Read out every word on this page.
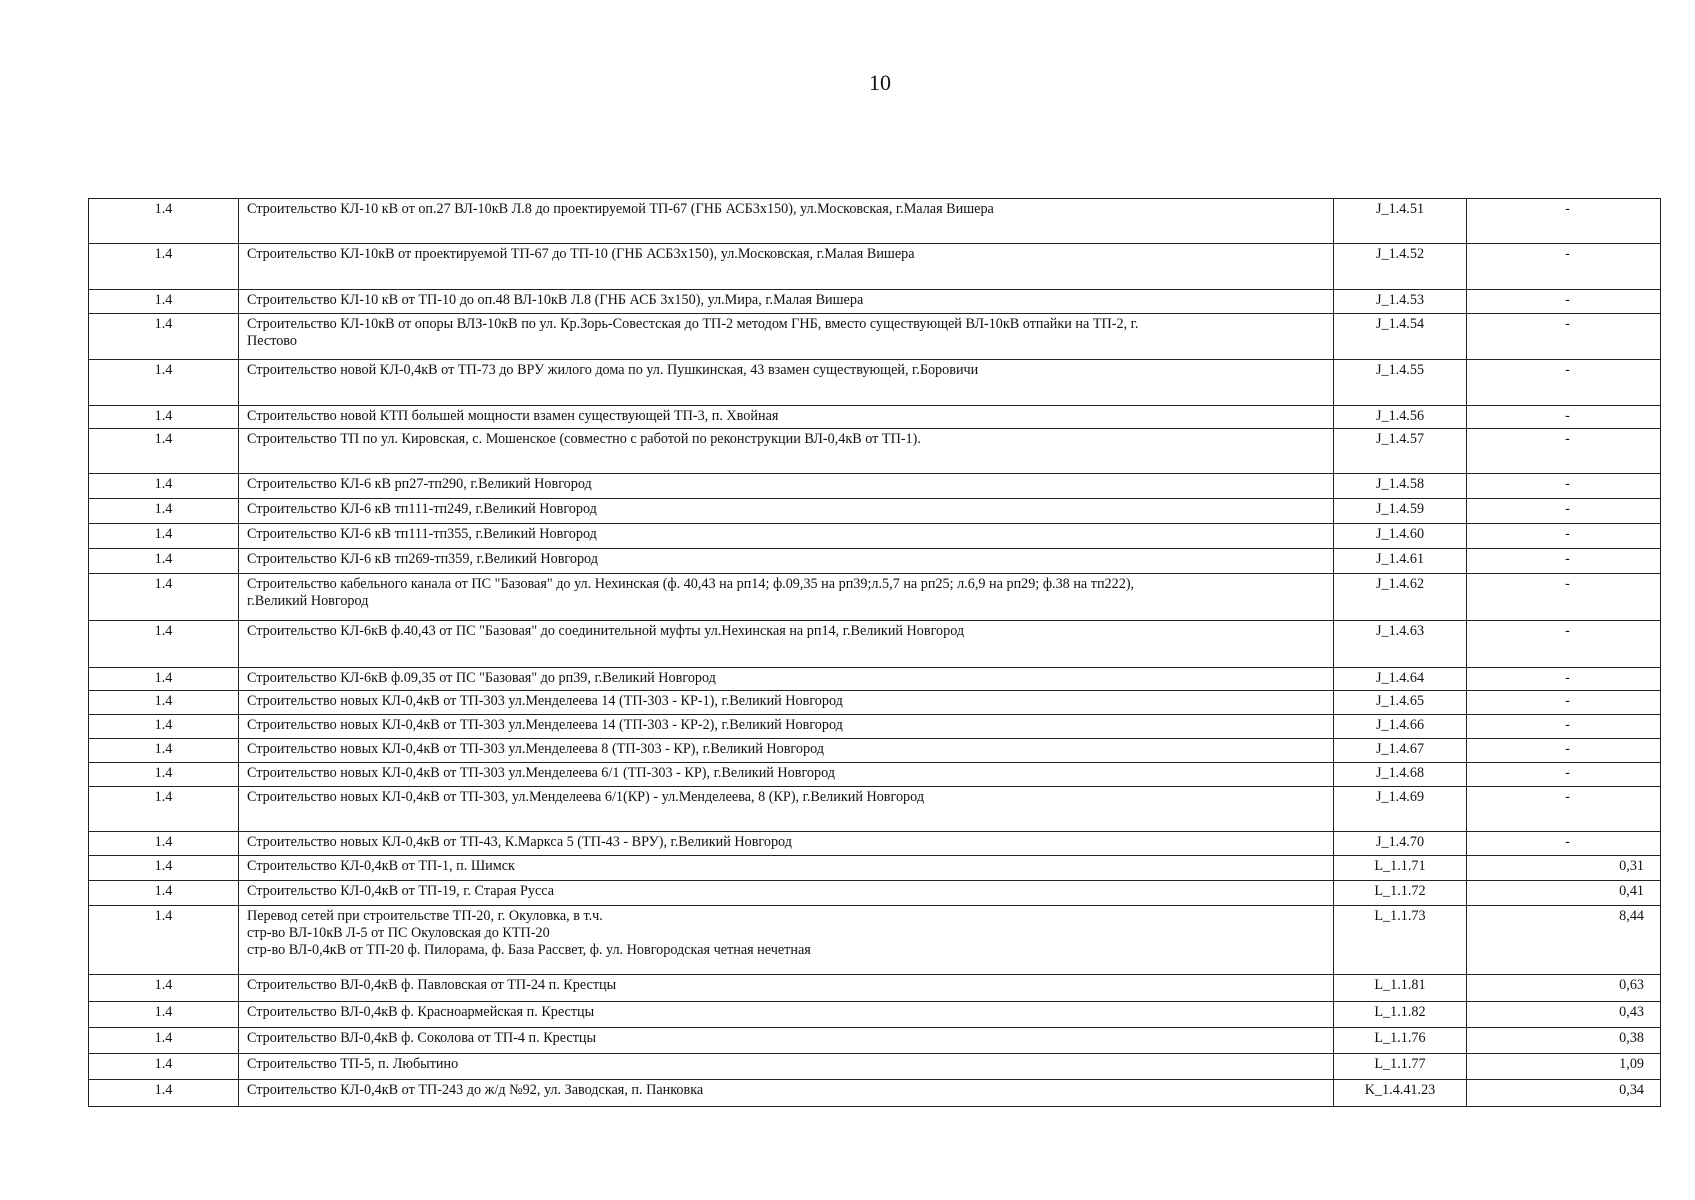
10
1.4	Строительство КЛ-10 кВ от оп.27 ВЛ-10кВ Л.8 до проектируемой ТП-67 (ГНБ АСБ3х150), ул.Московская, г.Малая Вишера	J_1.4.51	-
1.4	Строительство КЛ-10кВ от проектируемой ТП-67 до ТП-10 (ГНБ АСБ3х150), ул.Московская, г.Малая Вишера	J_1.4.52	-
1.4	Строительство КЛ-10 кВ от ТП-10 до оп.48 ВЛ-10кВ Л.8 (ГНБ АСБ 3х150), ул.Мира, г.Малая Вишера	J_1.4.53	-
1.4	Строительство КЛ-10кВ от опоры ВЛЗ-10кВ по ул. Кр.Зорь-Совестская до ТП-2 методом ГНБ, вместо существующей ВЛ-10кВ отпайки на ТП-2, г.
Пестово	J_1.4.54	-
1.4	Строительство новой КЛ-0,4кВ от ТП-73 до ВРУ жилого дома по ул. Пушкинская, 43 взамен существующей, г.Боровичи	J_1.4.55	-
1.4	Строительство новой КТП большей мощности взамен существующей ТП-3, п. Хвойная	J_1.4.56	-
1.4	Строительство ТП по ул. Кировская, с. Мошенское (совместно с работой по реконструкции ВЛ-0,4кВ от ТП-1).	J_1.4.57	-
1.4	Строительство КЛ-6 кВ рп27-тп290, г.Великий Новгород	J_1.4.58	-
1.4	Строительство КЛ-6 кВ тп111-тп249, г.Великий Новгород	J_1.4.59	-
1.4	Строительство КЛ-6 кВ тп111-тп355, г.Великий Новгород	J_1.4.60	-
1.4	Строительство КЛ-6 кВ тп269-тп359, г.Великий Новгород	J_1.4.61	-
1.4	Строительство кабельного канала от ПС "Базовая" до ул. Нехинская (ф. 40,43 на рп14; ф.09,35 на рп39;л.5,7 на рп25; л.6,9 на рп29; ф.38 на тп222),
г.Великий Новгород	J_1.4.62	-
1.4	Строительство КЛ-6кВ ф.40,43 от ПС "Базовая" до соединительной муфты ул.Нехинская на рп14, г.Великий Новгород	J_1.4.63	-
1.4	Строительство КЛ-6кВ ф.09,35 от ПС "Базовая" до рп39, г.Великий Новгород	J_1.4.64	-
1.4	Строительство новых КЛ-0,4кВ от ТП-303 ул.Менделеева 14 (ТП-303 - КР-1), г.Великий Новгород	J_1.4.65	-
1.4	Строительство новых КЛ-0,4кВ от ТП-303 ул.Менделеева 14 (ТП-303 - КР-2), г.Великий Новгород	J_1.4.66	-
1.4	Строительство новых КЛ-0,4кВ от ТП-303 ул.Менделеева 8 (ТП-303 - КР), г.Великий Новгород	J_1.4.67	-
1.4	Строительство новых КЛ-0,4кВ от ТП-303 ул.Менделеева 6/1 (ТП-303 - КР), г.Великий Новгород	J_1.4.68	-
1.4	Строительство новых КЛ-0,4кВ от ТП-303, ул.Менделеева 6/1(КР) - ул.Менделеева, 8 (КР), г.Великий Новгород	J_1.4.69	-
1.4	Строительство новых КЛ-0,4кВ от ТП-43, К.Маркса 5 (ТП-43 - ВРУ), г.Великий Новгород	J_1.4.70	-
1.4	Строительство КЛ-0,4кВ от ТП-1, п. Шимск	L_1.1.71	0,31
1.4	Строительство КЛ-0,4кВ от ТП-19, г. Старая Русса	L_1.1.72	0,41
1.4	Перевод сетей при строительстве ТП-20, г. Окуловка, в т.ч.
стр-во ВЛ-10кВ Л-5 от ПС Окуловская до КТП-20
стр-во ВЛ-0,4кВ от ТП-20 ф. Пилорама, ф. База Рассвет, ф. ул. Новгородская четная нечетная	L_1.1.73	8,44
1.4	Строительство ВЛ-0,4кВ ф. Павловская от ТП-24 п. Крестцы	L_1.1.81	0,63
1.4	Строительство ВЛ-0,4кВ ф. Красноармейская п. Крестцы	L_1.1.82	0,43
1.4	Строительство ВЛ-0,4кВ ф. Соколова от ТП-4 п. Крестцы	L_1.1.76	0,38
1.4	Строительство ТП-5, п. Любытино	L_1.1.77	1,09
1.4	Строительство КЛ-0,4кВ от ТП-243 до ж/д №92, ул. Заводская, п. Панковка	K_1.4.41.23	0,34
